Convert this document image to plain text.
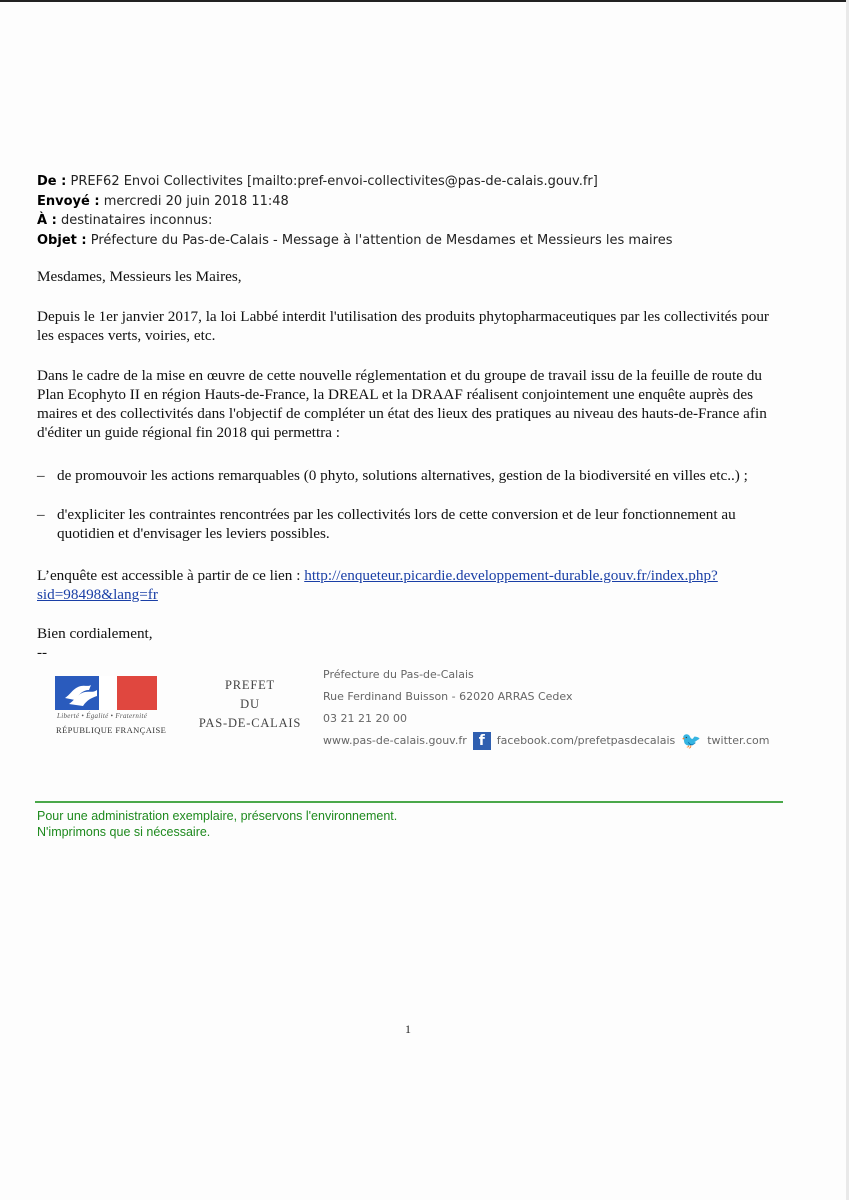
De : PREF62 Envoi Collectivites [mailto:pref-envoi-collectivites@pas-de-calais.gouv.fr]
Envoyé : mercredi 20 juin 2018 11:48
À : destinataires inconnus:
Objet : Préfecture du Pas-de-Calais - Message à l'attention de Mesdames et Messieurs les maires
Mesdames, Messieurs les Maires,
Depuis le 1er janvier 2017, la loi Labbé interdit l'utilisation des produits phytopharmaceutiques par les collectivités pour les espaces verts, voiries, etc.
Dans le cadre de la mise en œuvre de cette nouvelle réglementation et du groupe de travail issu de la feuille de route du Plan Ecophyto II en région Hauts-de-France, la DREAL et la DRAAF réalisent conjointement une enquête auprès des maires et des collectivités dans l'objectif de compléter un état des lieux des pratiques au niveau des hauts-de-France afin d'éditer un guide régional fin 2018 qui permettra :
– de promouvoir les actions remarquables (0 phyto, solutions alternatives, gestion de la biodiversité en villes etc..) ;
– d'expliciter les contraintes rencontrées par les collectivités lors de cette conversion et de leur fonctionnement au quotidien et d'envisager les leviers possibles.
L’enquête est accessible à partir de ce lien : http://enqueteur.picardie.developpement-durable.gouv.fr/index.php?sid=98498&lang=fr
Bien cordialement,
--
Liberté • Égalité • Fraternité
RÉPUBLIQUE FRANÇAISE
PREFET
DU
PAS-DE-CALAIS
Préfecture du Pas-de-Calais
Rue Ferdinand Buisson - 62020 ARRAS Cedex
03 21 21 20 00
www.pas-de-calais.gouv.fr f	facebook.com/prefetpasdecalais 🐦 twitter.com
Pour une administration exemplaire, préservons l'environnement.
N'imprimons que si nécessaire.
1
